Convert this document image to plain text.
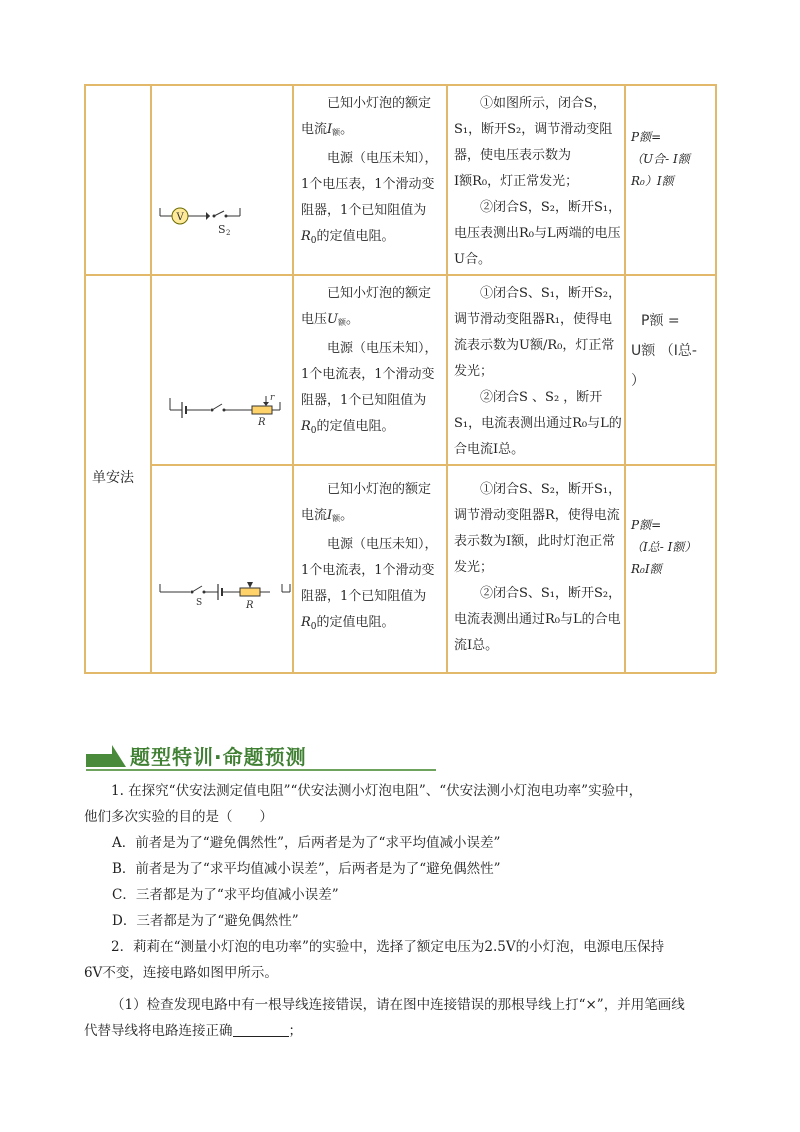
单安法
V
S 2

已知小灯泡的额定电流$I_额$。

电源（电压未知），1个电压表，1个滑动变阻器，1个已知阻值为$R_0$的定值电阻。

①如图所示，闭合S，S₁，断开S₂，调节滑动变阻器，使电压表示数为

I额R₀，灯正常发光；

②闭合S，S₂，断开S₁，电压表测出R₀与L两端的电压U合。

P额=

（U合- I额

R₀）I额

r
R

已知小灯泡的额定电压$U_额$。

电源（电压未知），1个电流表，1个滑动变阻器，1个已知阻值为$R_0$的定值电阻。

①闭合S、S₁，断开S₂，调节滑动变阻器R₁，使得电流表示数为U额/R₀，灯正常发光；

②闭合S 、S₂ ，断开S₁，电流表测出通过R₀与L的合电流I总。

P额 =

U额 （I总-

）

S	R

已知小灯泡的额定电流$I_额$。

电源（电压未知），1个电流表，1个滑动变阻器，1个已知阻值为$R_0$的定值电阻。

①闭合S、S₂，断开S₁，调节滑动变阻器R，使得电流表示数为I额，此时灯泡正常发光；

②闭合S、S₁，断开S₂，电流表测出通过R₀与L的合电流I总。

P额=

（I总- I额）

R₀I额

题型特训·命题预测

1. 在探究“伏安法测定值电阻”“伏安法测小灯泡电阻”、“伏安法测小灯泡电功率”实验中，

他们多次实验的目的是（　　）

A．前者是为了“避免偶然性”，后两者是为了“求平均值减小误差”

B．前者是为了“求平均值减小误差”，后两者是为了“避免偶然性”

C．三者都是为了“求平均值减小误差”

D．三者都是为了“避免偶然性”

2．莉莉在“测量小灯泡的电功率”的实验中，选择了额定电压为2.5V的小灯泡，电源电压保持

6V不变，连接电路如图甲所示。

（1）检查发现电路中有一根导线连接错误，请在图中连接错误的那根导线上打“×”，并用笔画线

代替导线将电路连接正确	；
